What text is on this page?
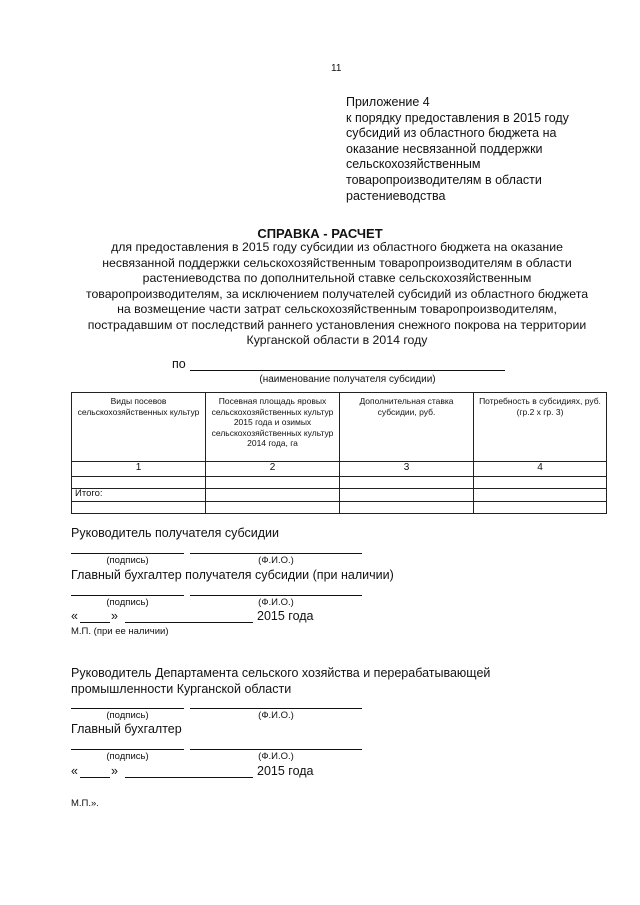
11
Приложение 4
к порядку предоставления в 2015 году
субсидий из областного бюджета на
оказание несвязанной поддержки
сельскохозяйственным
товаропроизводителям в области
растениеводства
СПРАВКА - РАСЧЕТ
для предоставления в 2015 году субсидии из областного бюджета на оказание
несвязанной поддержки сельскохозяйственным товаропроизводителям в области
растениеводства по дополнительной ставке сельскохозяйственным
товаропроизводителям, за исключением получателей субсидий из областного бюджета
на возмещение части затрат сельскохозяйственным товаропроизводителям,
пострадавшим от последствий раннего установления снежного покрова на территории
Курганской области в 2014 году
по
(наименование получателя субсидии)
Виды посевов сельскохозяйственных культур	Посевная площадь яровых сельскохозяйственных культур 2015 года и озимых сельскохозяйственных культур 2014 года, га	Дополнительная ставка субсидии, руб.	Потребность в субсидиях, руб. (гр.2 х гр. 3)
1	2	3	4

Итого:			

Руководитель получателя субсидии
(подпись)	(Ф.И.О.)
Главный бухгалтер получателя субсидии (при наличии)
(подпись)	(Ф.И.О.)
«	»	2015 года
М.П. (при ее наличии)
Руководитель Департамента сельского хозяйства и перерабатывающей
промышленности Курганской области
(подпись)	(Ф.И.О.)
Главный бухгалтер
(подпись)	(Ф.И.О.)
«	»	2015 года
М.П.».
